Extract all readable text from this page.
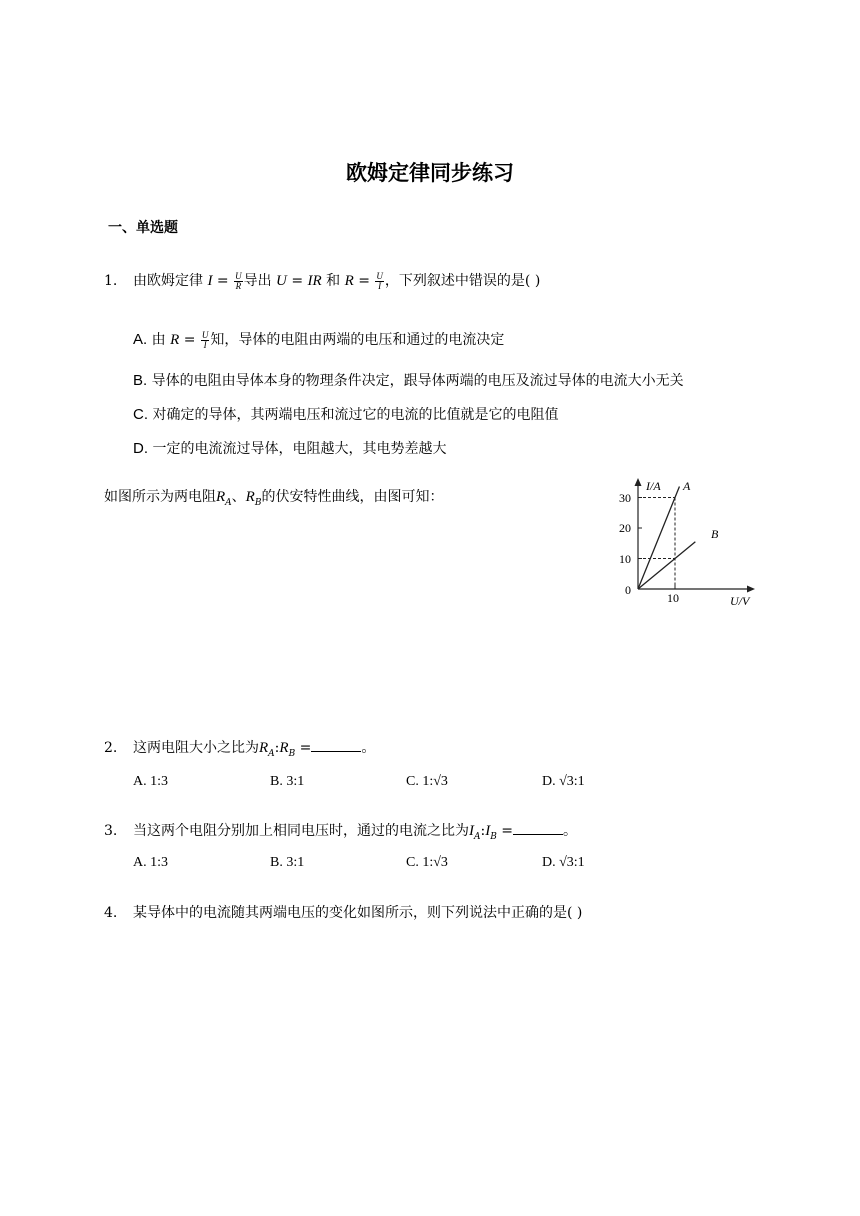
欧姆定律同步练习
一、单选题
1. 由欧姆定律 $I = \frac{U}{R}$ 导出 U = IR 和 $R = \frac{U}{I}$ ，下列叙述中错误的是( )
A. 由 $R = \frac{U}{I}$ 知，导体的电阻由两端的电压和通过的电流决定
B. 导体的电阻由导体本身的物理条件决定，跟导体两端的电压及流过导体的电流大小无关
C. 对确定的导体，其两端电压和流过它的电流的比值就是它的电阻值
D. 一定的电流流过导体，电阻越大，其电势差越大
如图所示为两电阻$R_A$、$R_B$的伏安特性曲线，由图可知：
I/A
U/V
30
20
10
0
10
A
B
2. 这两电阻大小之比为$R_A:R_B$ =	。
A. 1:3	B. 3:1	C. 1:√3	D. √3:1
3. 当这两个电阻分别加上相同电压时，通过的电流之比为$I_A:I_B$ =	。
A. 1:3	B. 3:1	C. 1:√3	D. √3:1
4. 某导体中的电流随其两端电压的变化如图所示，则下列说法中正确的是( )
